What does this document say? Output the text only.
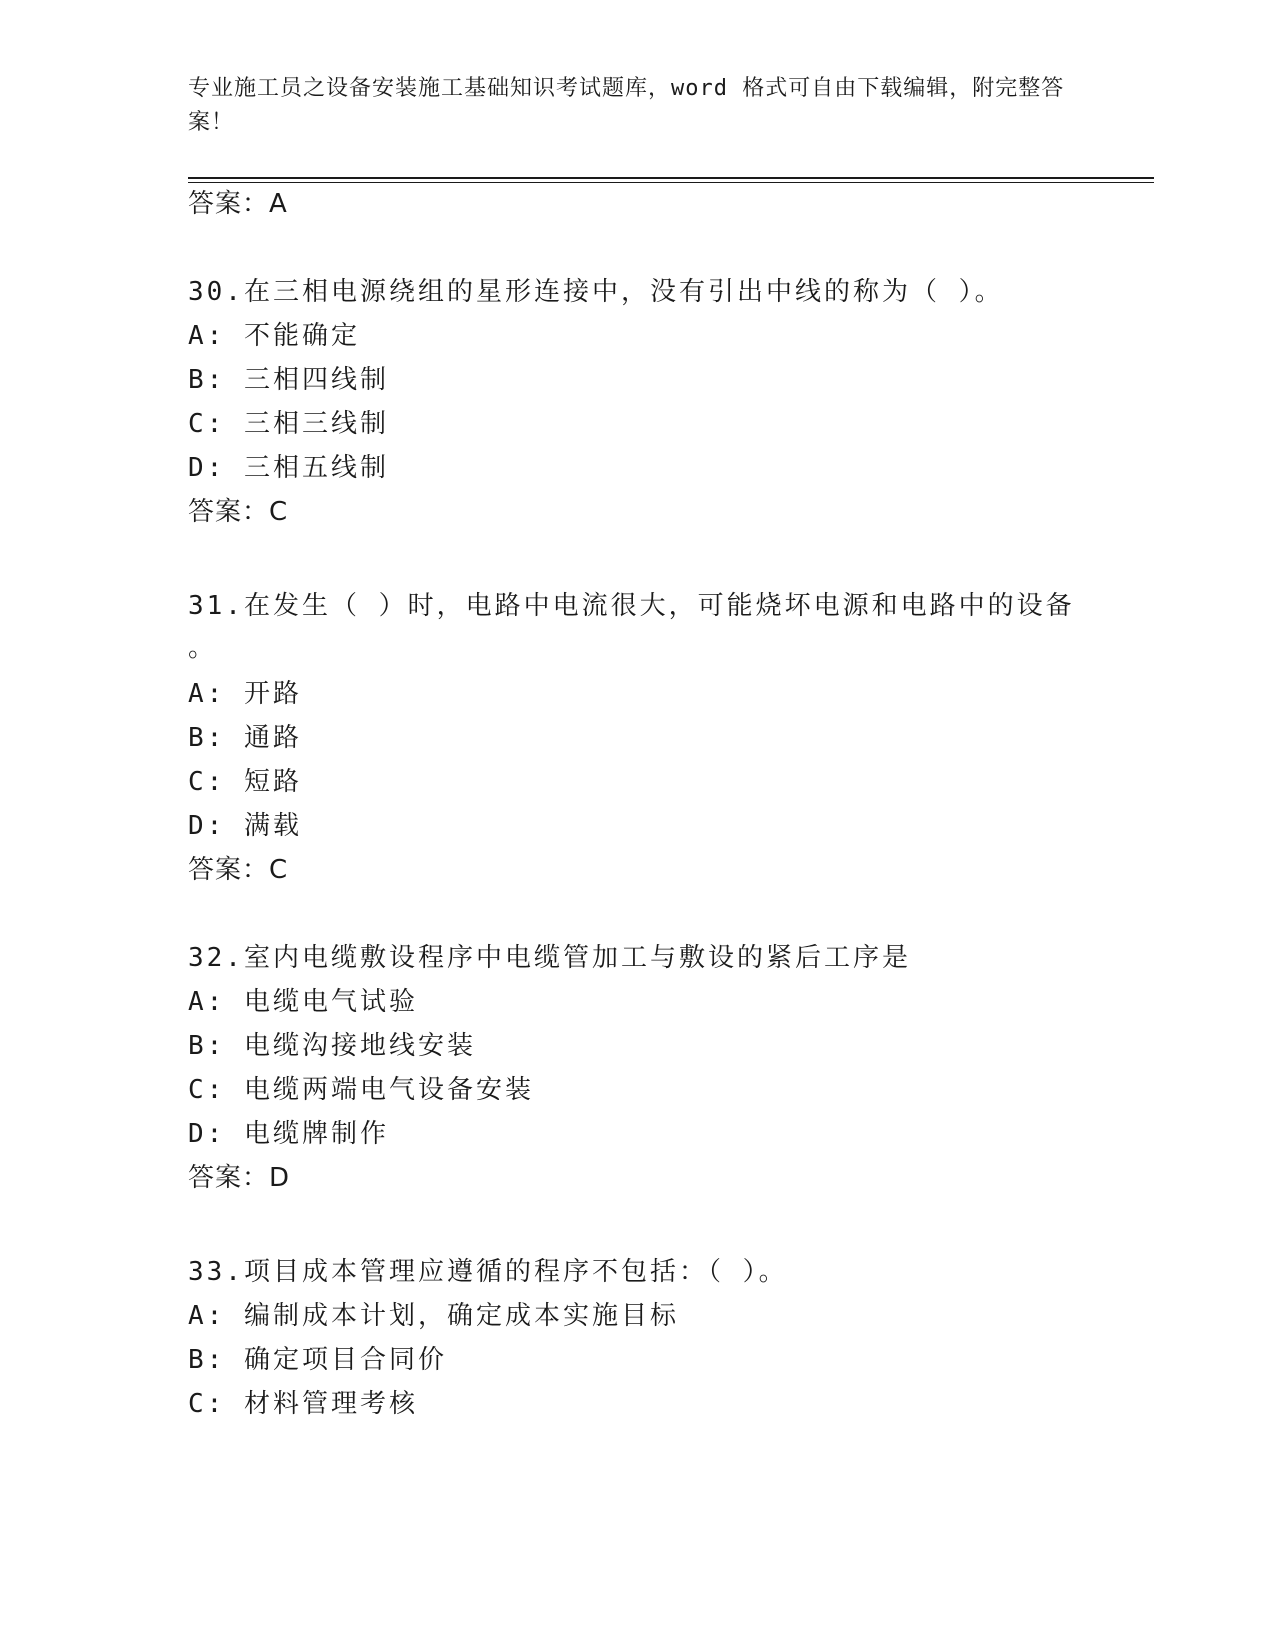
专业施工员之设备安装施工基础知识考试题库，word 格式可自由下载编辑，附完整答案！
答案：A
30.在三相电源绕组的星形连接中，没有引出中线的称为（ ）。
A: 不能确定
B: 三相四线制
C: 三相三线制
D: 三相五线制
答案：C
31.在发生（ ）时，电路中电流很大，可能烧坏电源和电路中的设备
。
A: 开路
B: 通路
C: 短路
D: 满载
答案：C
32.室内电缆敷设程序中电缆管加工与敷设的紧后工序是
A: 电缆电气试验
B: 电缆沟接地线安装
C: 电缆两端电气设备安装
D: 电缆牌制作
答案：D
33.项目成本管理应遵循的程序不包括：（ ）。
A: 编制成本计划，确定成本实施目标
B: 确定项目合同价
C: 材料管理考核
